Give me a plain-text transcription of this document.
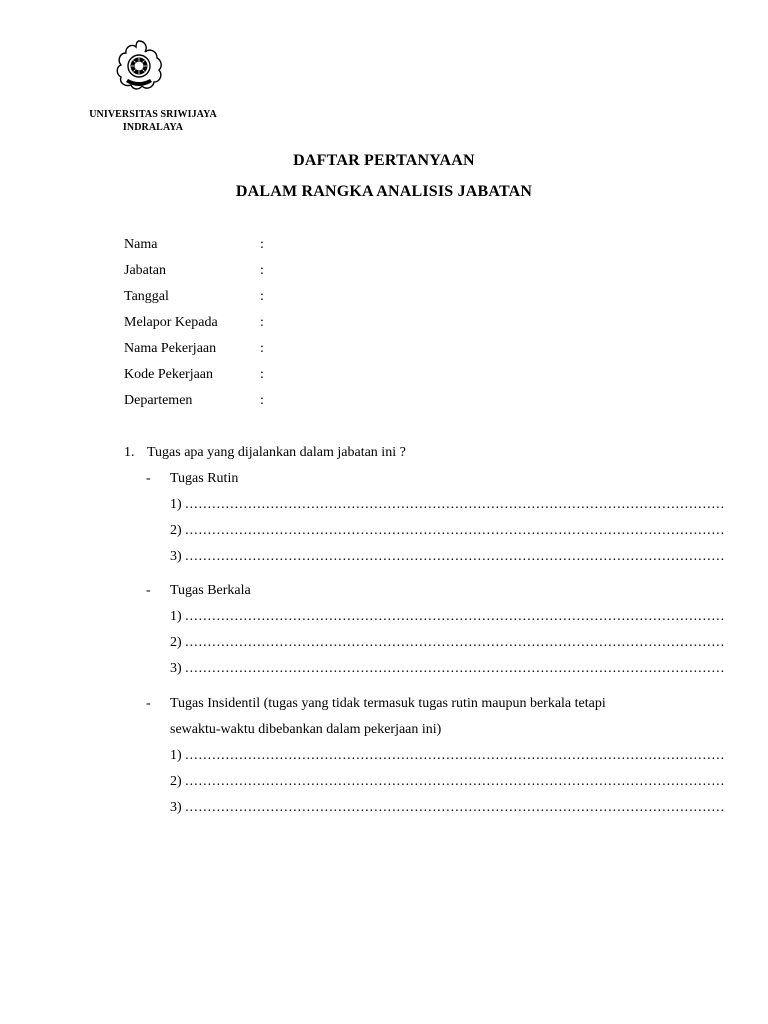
UNIVERSITAS SRIWIJAYA
INDRALAYA
DAFTAR PERTANYAAN
DALAM RANGKA ANALISIS JABATAN
Nama	:
Jabatan	:
Tanggal	:
Melapor Kepada	:
Nama Pekerjaan	:
Kode Pekerjaan	:
Departemen	:
1. Tugas apa yang dijalankan dalam jabatan ini ?
- Tugas Rutin
1) ........................................................................................................................
2) ........................................................................................................................
3) ........................................................................................................................
- Tugas Berkala
1) ........................................................................................................................
2) ........................................................................................................................
3) ........................................................................................................................
- Tugas Insidentil (tugas yang tidak termasuk tugas rutin maupun berkala tetapi
sewaktu-waktu dibebankan dalam pekerjaan ini)
1) ........................................................................................................................
2) ........................................................................................................................
3) ........................................................................................................................
